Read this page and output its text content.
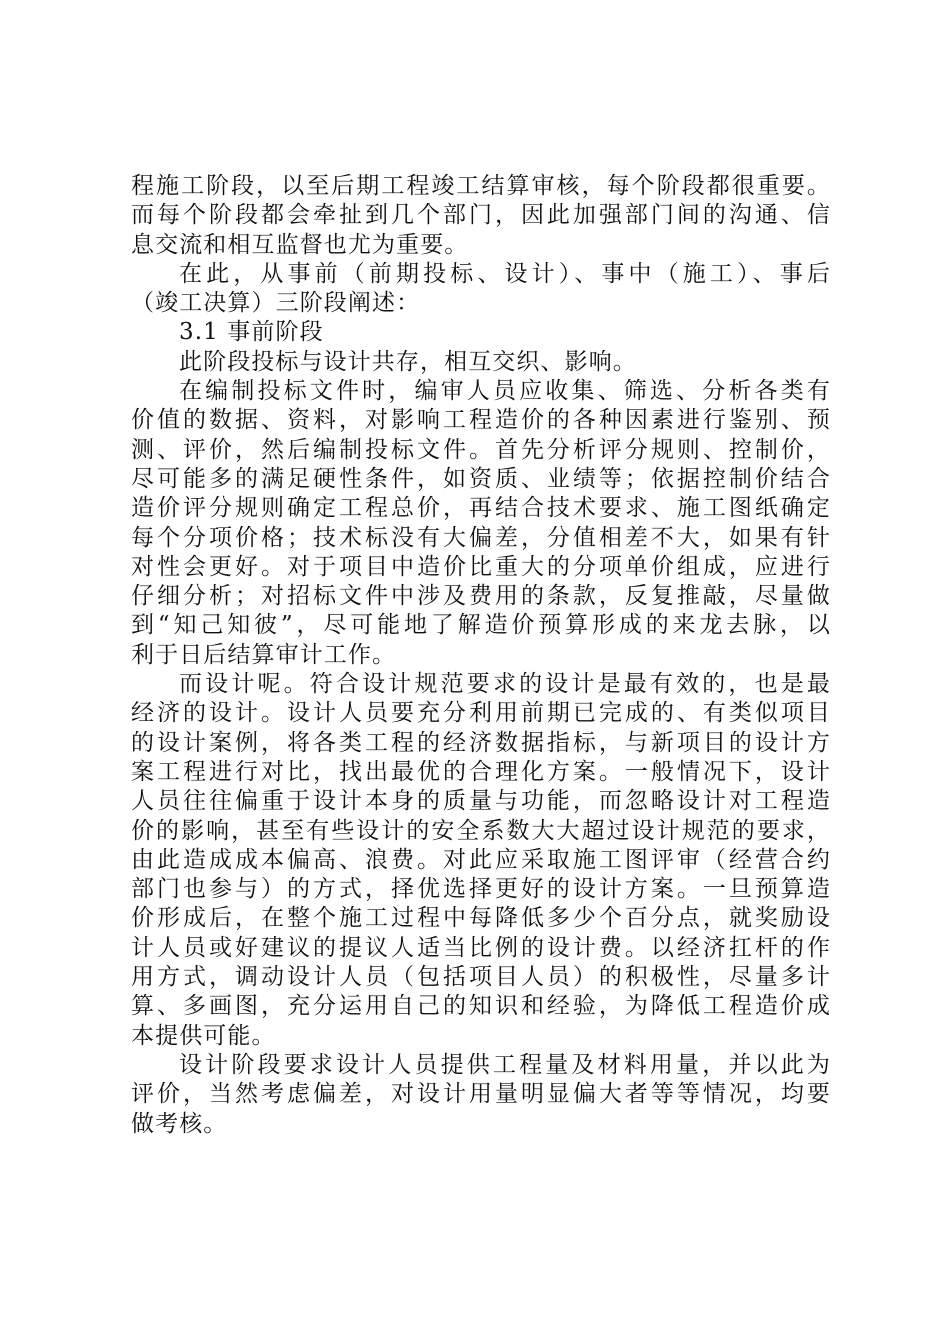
程施工阶段，以至后期工程竣工结算审核，每个阶段都很重要。
而每个阶段都会牵扯到几个部门，因此加强部门间的沟通、信
息交流和相互监督也尤为重要。
在此，从事前（前期投标、设计）、事中（施工）、事后
（竣工决算）三阶段阐述：
3.1 事前阶段
此阶段投标与设计共存，相互交织、影响。
在编制投标文件时，编审人员应收集、筛选、分析各类有
价值的数据、资料，对影响工程造价的各种因素进行鉴别、预
测、评价，然后编制投标文件。首先分析评分规则、控制价，
尽可能多的满足硬性条件，如资质、业绩等；依据控制价结合
造价评分规则确定工程总价，再结合技术要求、施工图纸确定
每个分项价格；技术标没有大偏差，分值相差不大，如果有针
对性会更好。对于项目中造价比重大的分项单价组成，应进行
仔细分析；对招标文件中涉及费用的条款，反复推敲，尽量做
到“知己知彼”，尽可能地了解造价预算形成的来龙去脉，以
利于日后结算审计工作。
而设计呢。符合设计规范要求的设计是最有效的，也是最
经济的设计。设计人员要充分利用前期已完成的、有类似项目
的设计案例，将各类工程的经济数据指标，与新项目的设计方
案工程进行对比，找出最优的合理化方案。一般情况下，设计
人员往往偏重于设计本身的质量与功能，而忽略设计对工程造
价的影响，甚至有些设计的安全系数大大超过设计规范的要求，
由此造成成本偏高、浪费。对此应采取施工图评审（经营合约
部门也参与）的方式，择优选择更好的设计方案。一旦预算造
价形成后，在整个施工过程中每降低多少个百分点，就奖励设
计人员或好建议的提议人适当比例的设计费。以经济扛杆的作
用方式，调动设计人员（包括项目人员）的积极性，尽量多计
算、多画图，充分运用自己的知识和经验，为降低工程造价成
本提供可能。
设计阶段要求设计人员提供工程量及材料用量，并以此为
评价，当然考虑偏差，对设计用量明显偏大者等等情况，均要
做考核。
